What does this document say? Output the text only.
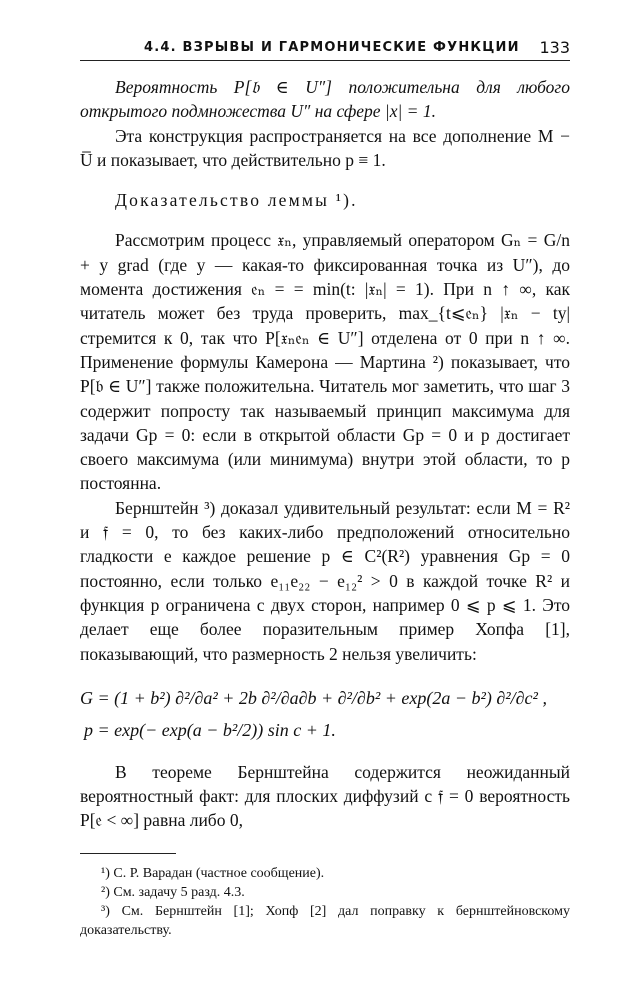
4.4. ВЗРЫВЫ И ГАРМОНИЧЕСКИЕ ФУНКЦИИ 133

Вероятность P[𝔟 ∈ U″] положительна для любого открытого подмножества U″ на сфере |x| = 1.

Эта конструкция распространяется на все дополнение M − U̅ и показывает, что действительно p ≡ 1.

Доказательство леммы ¹).

Рассмотрим процесс 𝔵ₙ, управляемый оператором Gₙ = G/n + y grad (где y — какая-то фиксированная точка из U″), до момента достижения 𝔢ₙ = = min(t: |𝔵ₙ| = 1). При n ↑ ∞, как читатель может без труда проверить, max_{t⩽𝔢ₙ} |𝔵ₙ − ty| стремится к 0, так что P[𝔵ₙ𝔢ₙ ∈ U″] отделена от 0 при n ↑ ∞. Применение формулы Камерона — Мартина ²) показывает, что P[𝔟 ∈ U″] также положительна. Читатель мог заметить, что шаг 3 содержит попросту так называемый принцип максимума для задачи Gp = 0: если в открытой области Gp = 0 и p достигает своего максимума (или минимума) внутри этой области, то p постоянна.

Бернштейн ³) доказал удивительный результат: если M = R² и 𝔣 = 0, то без каких-либо предположений относительно гладкости e каждое решение p ∈ C²(R²) уравнения Gp = 0 постоянно, если только e₁₁e₂₂ − e₁₂² > 0 в каждой точке R² и функция p ограничена с двух сторон, например 0 ⩽ p ⩽ 1. Это делает еще более поразительным пример Хопфа [1], показывающий, что размерность 2 нельзя увеличить:

G = (1 + b²) ∂²/∂a² + 2b ∂²/∂a∂b + ∂²/∂b² + exp(2a − b²) ∂²/∂c² ,
p = exp(− exp(a − b²/2)) sin c + 1.

В теореме Бернштейна содержится неожиданный вероятностный факт: для плоских диффузий с 𝔣 = 0 вероятность P[𝔢 < ∞] равна либо 0,

¹) С. Р. Варадан (частное сообщение).

²) См. задачу 5 разд. 4.3.

³) См. Бернштейн [1]; Хопф [2] дал поправку к бернштейновскому доказательству.
